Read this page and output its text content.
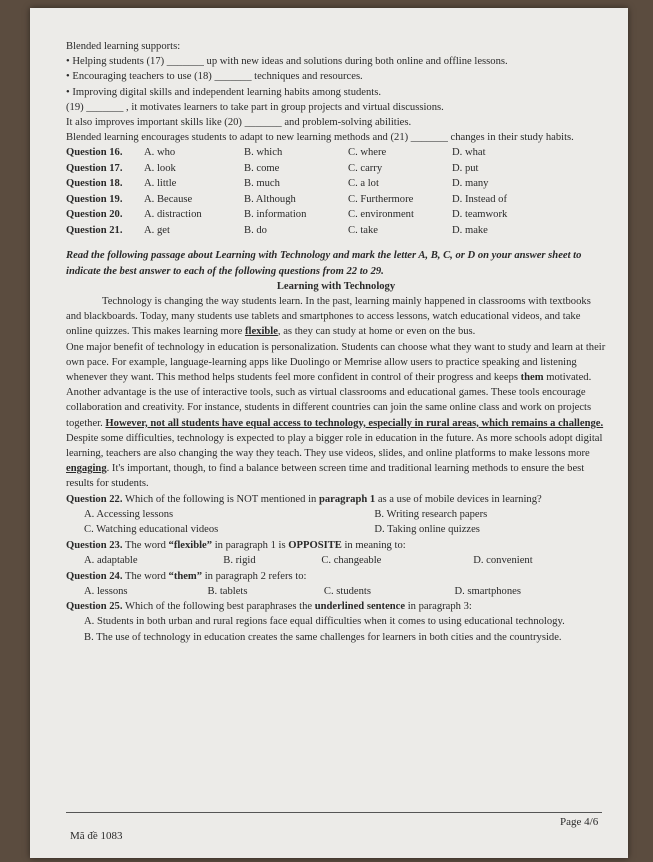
Blended learning supports:

• Helping students (17) _______ up with new ideas and solutions during both online and offline lessons.

• Encouraging teachers to use (18) _______ techniques and resources.

• Improving digital skills and independent learning habits among students.

(19) _______ , it motivates learners to take part in group projects and virtual discussions.

It also improves important skills like (20) _______ and problem-solving abilities.

Blended learning encourages students to adapt to new learning methods and (21) _______ changes in their study habits.

Question 16.	A. who	B. which	C. where	D. what
Question 17.	A. look	B. come	C. carry	D. put
Question 18.	A. little	B. much	C. a lot	D. many
Question 19.	A. Because	B. Although	C. Furthermore	D. Instead of
Question 20.	A. distraction	B. information	C. environment	D. teamwork
Question 21.	A. get	B. do	C. take	D. make

Read the following passage about Learning with Technology and mark the letter A, B, C, or D on your answer sheet to indicate the best answer to each of the following questions from 22 to 29.

Learning with Technology

Technology is changing the way students learn. In the past, learning mainly happened in classrooms with textbooks and blackboards. Today, many students use tablets and smartphones to access lessons, watch educational videos, and take online quizzes. This makes learning more flexible, as they can study at home or even on the bus.

One major benefit of technology in education is personalization. Students can choose what they want to study and learn at their own pace. For example, language-learning apps like Duolingo or Memrise allow users to practice speaking and listening whenever they want. This method helps students feel more confident in control of their progress and keeps them motivated.

Another advantage is the use of interactive tools, such as virtual classrooms and educational games. These tools encourage collaboration and creativity. For instance, students in different countries can join the same online class and work on projects together. However, not all students have equal access to technology, especially in rural areas, which remains a challenge.

Despite some difficulties, technology is expected to play a bigger role in education in the future. As more schools adopt digital learning, teachers are also changing the way they teach. They use videos, slides, and online platforms to make lessons more engaging. It's important, though, to find a balance between screen time and traditional learning methods to ensure the best results for students.

Question 22. Which of the following is NOT mentioned in paragraph 1 as a use of mobile devices in learning?

A. Accessing lessons	B. Writing research papers
C. Watching educational videos	D. Taking online quizzes

Question 23. The word “flexible” in paragraph 1 is OPPOSITE in meaning to:

A. adaptable	B. rigid	C. changeable	D. convenient

Question 24. The word “them” in paragraph 2 refers to:

A. lessons	B. tablets	C. students	D. smartphones

Question 25. Which of the following best paraphrases the underlined sentence in paragraph 3:

A. Students in both urban and rural regions face equal difficulties when it comes to using educational technology.

B. The use of technology in education creates the same challenges for learners in both cities and the countryside.

Mã đề 1083
Page 4/6
